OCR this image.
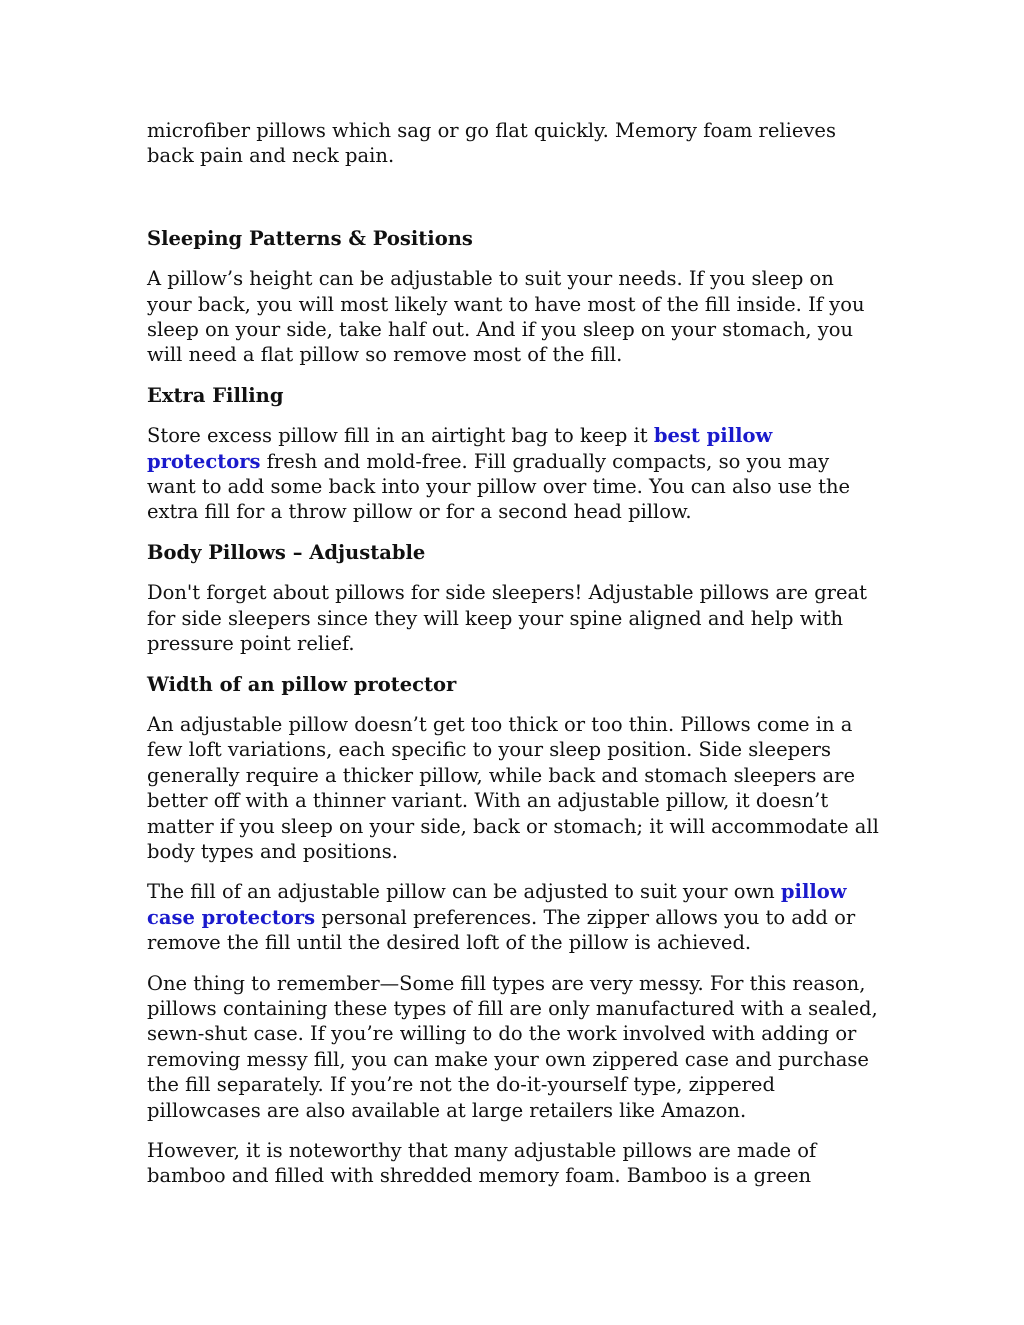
microfiber pillows which sag or go flat quickly. Memory foam relieves back pain and neck pain.

Sleeping Patterns & Positions

A pillow’s height can be adjustable to suit your needs. If you sleep on your back, you will most likely want to have most of the fill inside. If you sleep on your side, take half out. And if you sleep on your stomach, you will need a flat pillow so remove most of the fill.

Extra Filling

Store excess pillow fill in an airtight bag to keep it best pillow protectors fresh and mold-free. Fill gradually compacts, so you may want to add some back into your pillow over time. You can also use the extra fill for a throw pillow or for a second head pillow.

Body Pillows – Adjustable

Don't forget about pillows for side sleepers! Adjustable pillows are great for side sleepers since they will keep your spine aligned and help with pressure point relief.

Width of an pillow protector

An adjustable pillow doesn’t get too thick or too thin. Pillows come in a few loft variations, each specific to your sleep position. Side sleepers generally require a thicker pillow, while back and stomach sleepers are better off with a thinner variant. With an adjustable pillow, it doesn’t matter if you sleep on your side, back or stomach; it will accommodate all body types and positions.

The fill of an adjustable pillow can be adjusted to suit your own pillow case protectors personal preferences. The zipper allows you to add or remove the fill until the desired loft of the pillow is achieved.

One thing to remember—Some fill types are very messy. For this reason, pillows containing these types of fill are only manufactured with a sealed, sewn-shut case. If you’re willing to do the work involved with adding or removing messy fill, you can make your own zippered case and purchase the fill separately. If you’re not the do-it-yourself type, zippered pillowcases are also available at large retailers like Amazon.

However, it is noteworthy that many adjustable pillows are made of bamboo and filled with shredded memory foam. Bamboo is a green
